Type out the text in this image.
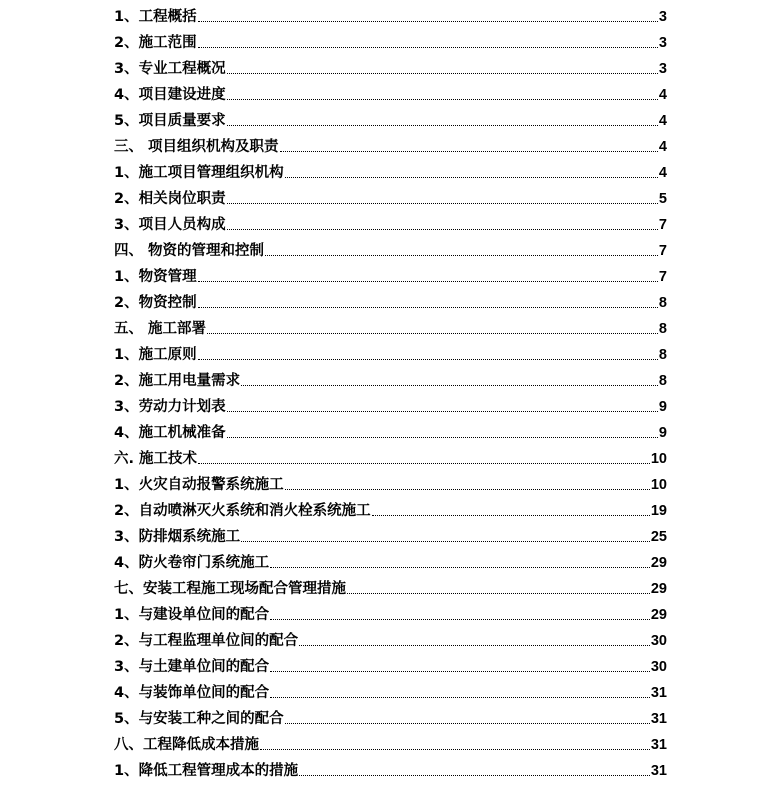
1、工程概括	3
2、施工范围	3
3、专业工程概况	3
4、项目建设进度	4
5、项目质量要求	4
三、 项目组织机构及职责	4
1、施工项目管理组织机构	4
2、相关岗位职责	5
3、项目人员构成	7
四、 物资的管理和控制	7
1、物资管理	7
2、物资控制	8
五、 施工部署	8
1、施工原则	8
2、施工用电量需求	8
3、劳动力计划表	9
4、施工机械准备	9
六. 施工技术	10
1、火灾自动报警系统施工	10
2、自动喷淋灭火系统和消火栓系统施工	19
3、防排烟系统施工	25
4、防火卷帘门系统施工	29
七、安装工程施工现场配合管理措施	29
1、与建设单位间的配合	29
2、与工程监理单位间的配合	30
3、与土建单位间的配合	30
4、与装饰单位间的配合	31
5、与安装工种之间的配合	31
八、工程降低成本措施	31
1、降低工程管理成本的措施	31
